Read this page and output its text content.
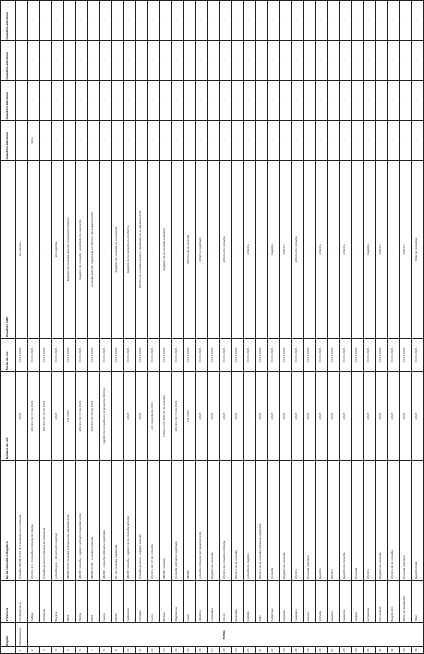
	Región	Provincia	No de consulta o Registro	Número de ref.	Fecha de rec.	Questión (XB)	Questión adicional	Questión adicional	Questión adicional	Questión adicional
1	Subdivisiones	Cundinamarca	consulta ABCDE 0001 de Cundinamarca ordinaria	2021	01.11.2021	sin valores	-	-	-	-
2	TOTAL	Caldas	informe 2.1 - Consulta ordinaria de Caldas	Informe ref. 07 de 2021	01.11.2021	-	Sí/no	-	-	-
3		Antioquia	consulta general ordinaria de Antioquia	Informe ref. 12 de 2021	01.11.2021	-	-	-	-	-
4		Boyacá	consulta gen. - documento regional	2021	01.11.2021	sin registrar	-	-	-	-
5		Huila	ABCDE 0007 consulta ordinaria del departamento	ref. 2021	01.11.2021	Registro de consulta anterior al presente informe	-	-	-	-
6		Tolima	ABCDE consulta - registro ordinario departamental	informe ref. 07 de 2021	01.11.2021	Registro de consulta - pendiente de resolución	-	-	-	-
7		Meta	ABCDE 0009 - consulta ordinaria	informe ref. 09 de 2021	01.11.2021	consulta anterior registrada en informe del departamento	-	-	-	-
8		Cauca	ABCDE - consulta ordinaria registrada	registro de consulta en el presente informe	01.11.2021	-	-	-	-	-
9		Nariño	No. de consulta registrada	-	01.11.2021	Registro de consulta en el presente	-	-	-	-
10		Santander	ABCDE consulta - registro de la consulta anterior	2021	01.11.2021	Registro de la consulta en el informe	-	-	-	-
11		Córdoba	consulta general - registro anterior	2021	01.11.2021	Informe de consulta anterior registrada en el departamento	-	-	-	-
12		Sucre	Informe ref. 07 de consulta	ref. consulta de 2021	01.11.2021	-	-	-	-	-
13		Bolívar	ABCDE consulta	Informe ref. 2021 de la consulta	01.11.2021	Registro de la consulta ordinaria	-	-	-	-
14		Magdalena	Consulta ordinaria registrada	Informe ref. 01 de 2021	01.11.2021	-	-	-	-	-
15		Cesar	ABCDE	ref. 2021	01.11.2021	Informe de la consulta	-	-	-	-
16		Atlántico	consulta ordinaria del departamento	2021	01.11.2021	Informe registrado	-	-	-	-
17		La Guajira	Registro de consulta	2021	01.11.2021	-	-	-	-	-
18		Chocó	Informe de consulta ordinaria	2021	01.11.2021	Informe de consulta	-	-	-	-
19		Risaralda	Informe de la consulta	2021	01.11.2021	-	-	-	-	-
20		Quindío	consulta de registro	-	01.11.2021	Informe	-	-	-	-
21		Valle	Informe de la consulta ordinaria registrada	2021	01.11.2021	-	-	-	-	-
22		Putumayo	Consulta	2021	01.11.2021	Registro	-	-	-	-
23		Caquetá	Registro de consulta	2021	01.11.2021	Informe	-	-	-	-
24		Casanare	Informe	2021	01.11.2021	Informe de consulta	-	-	-	-
25		Arauca	Consulta ordinaria	2021	01.11.2021	-	-	-	-	-
26		Vichada	Registro	2021	01.11.2021	Informe	-	-	-	-
27		Guainía	Informe	2021	01.11.2021	-	-	-	-	-
28		Guaviare	Registro de consulta	2021	01.11.2021	Informe	-	-	-	-
29		Vaupés	Consulta	-	01.11.2021	-	-	-	-	-
30		Amazonas	Informe	2021	01.11.2021	Registro	-	-	-	-
31		San Andrés	Registro de consulta	2021	01.11.2021	Informe	-	-	-	-
32		Bogotá D.C.	Informe de la consulta	2021	01.11.2021	-	-	-	-	-
33		Norte de Santander	Consulta ordinaria	2021	01.11.2021	Informe	-	-	-	-
34		Total	Registro total	2021	01.11.2021	Total de consultas	-	-	-	-
